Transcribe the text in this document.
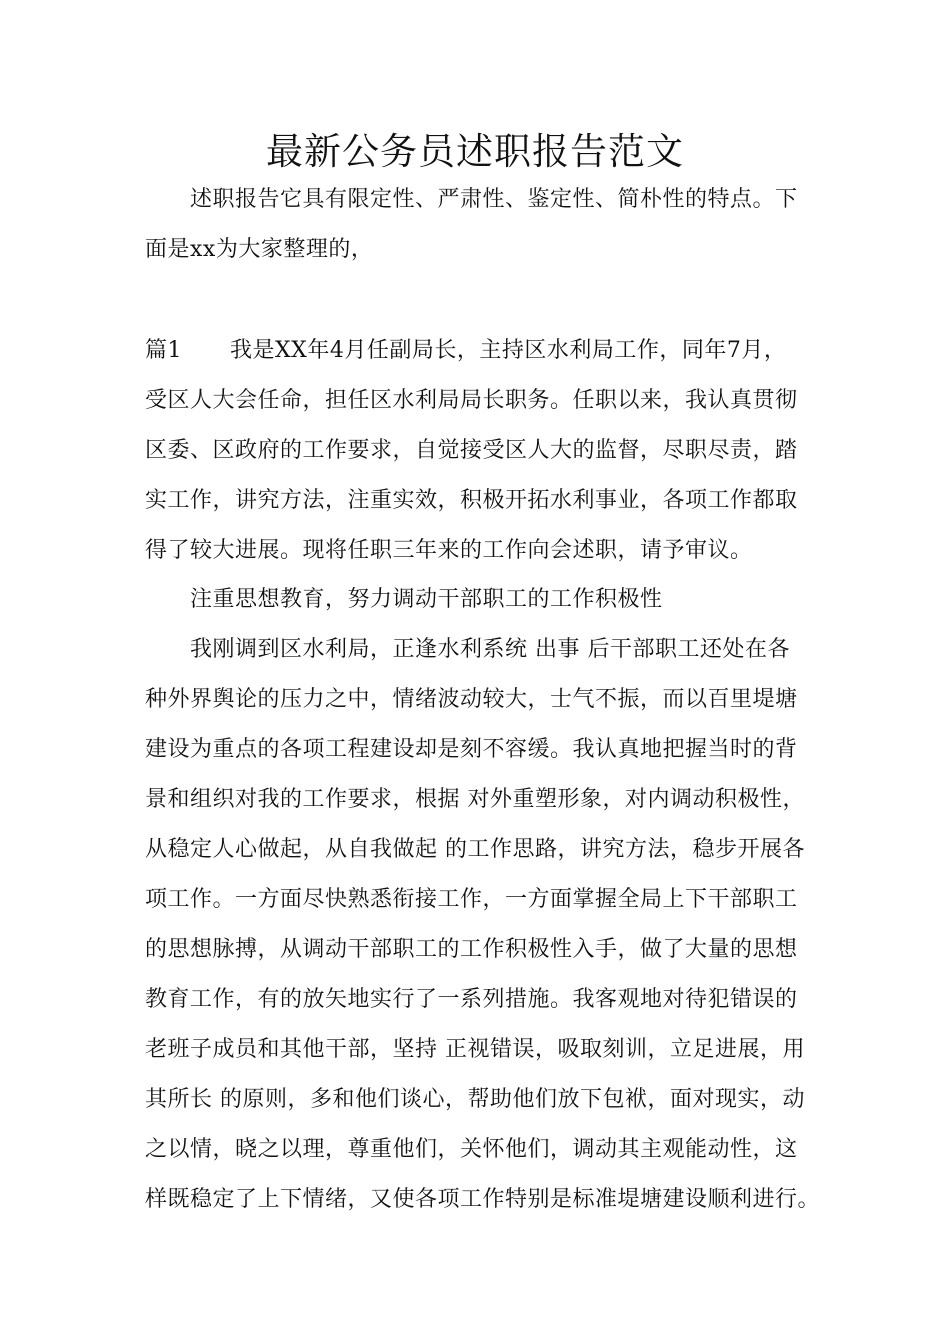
最新公务员述职报告范文
述职报告它具有限定性、严肃性、鉴定性、简朴性的特点。下
面是xx为大家整理的，
篇1 我是XX年4月任副局长，主持区水利局工作，同年7月，
受区人大会任命，担任区水利局局长职务。任职以来，我认真贯彻
区委、区政府的工作要求，自觉接受区人大的监督，尽职尽责，踏
实工作，讲究方法，注重实效，积极开拓水利事业，各项工作都取
得了较大进展。现将任职三年来的工作向会述职，请予审议。
注重思想教育，努力调动干部职工的工作积极性
我刚调到区水利局，正逢水利系统 出事 后干部职工还处在各
种外界舆论的压力之中，情绪波动较大，士气不振，而以百里堤塘
建设为重点的各项工程建设却是刻不容缓。我认真地把握当时的背
景和组织对我的工作要求，根据 对外重塑形象，对内调动积极性，
从稳定人心做起，从自我做起 的工作思路，讲究方法，稳步开展各
项工作。一方面尽快熟悉衔接工作，一方面掌握全局上下干部职工
的思想脉搏，从调动干部职工的工作积极性入手，做了大量的思想
教育工作，有的放矢地实行了一系列措施。我客观地对待犯错误的
老班子成员和其他干部，坚持 正视错误，吸取刻训，立足进展，用
其所长 的原则，多和他们谈心，帮助他们放下包袱，面对现实，动
之以情，晓之以理，尊重他们，关怀他们，调动其主观能动性，这
样既稳定了上下情绪，又使各项工作特别是标准堤塘建设顺利进行。
